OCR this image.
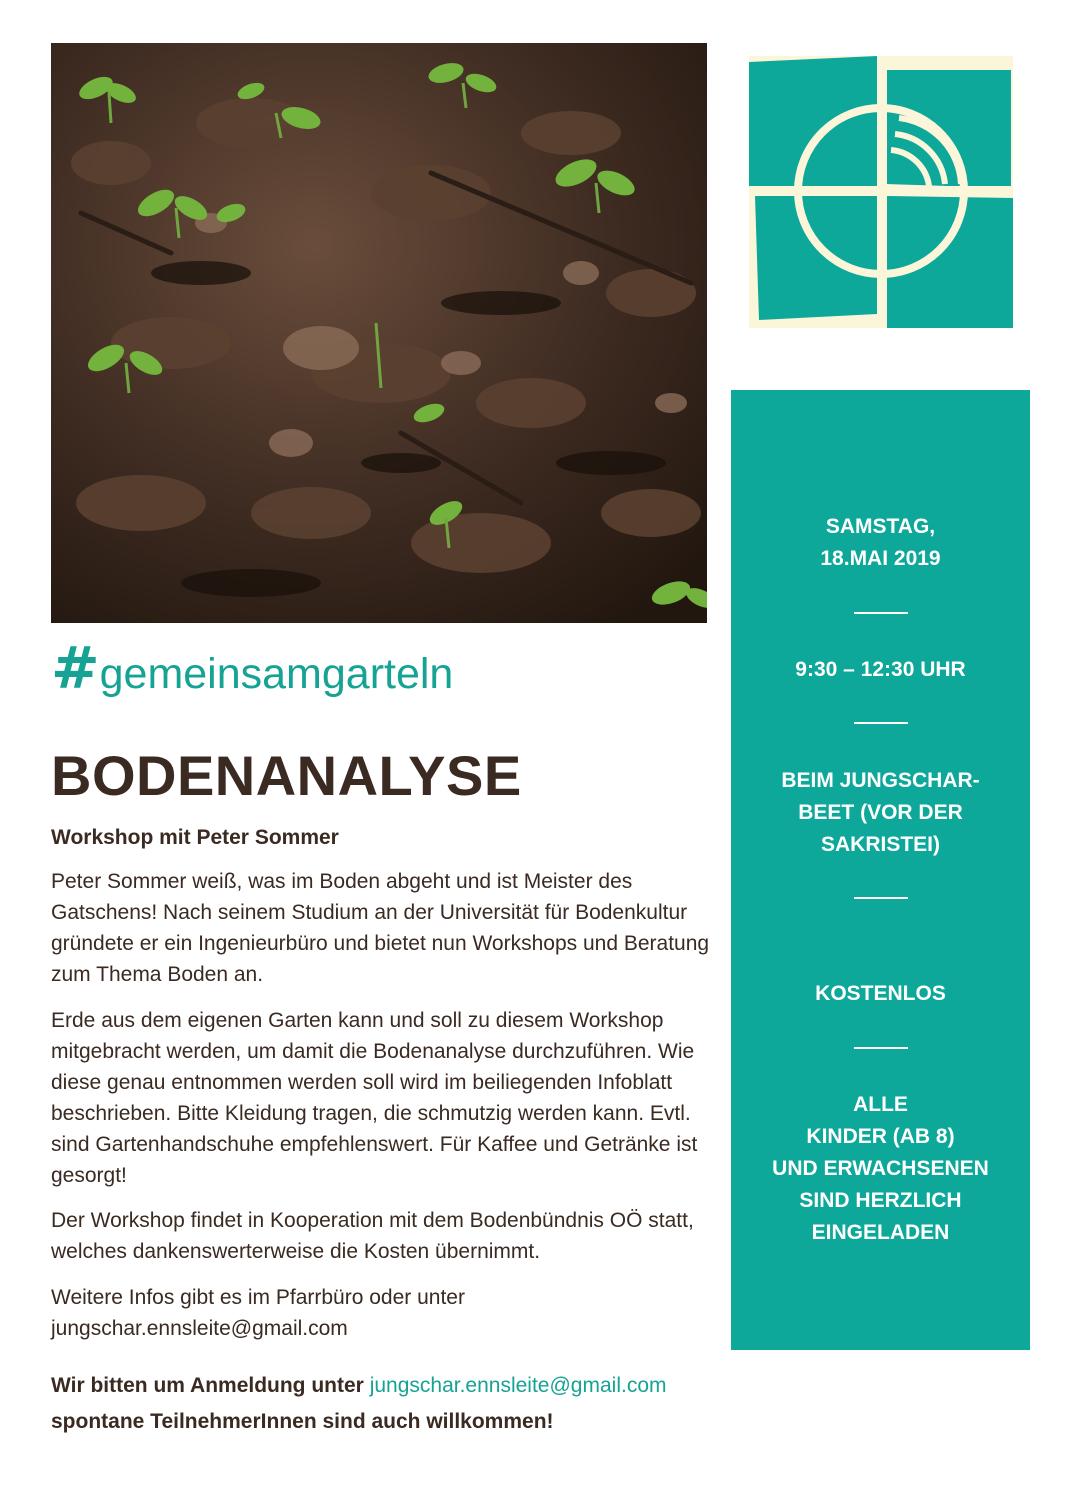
#gemeinsamgarteln
BODENANALYSE
Workshop mit Peter Sommer
Peter Sommer weiß, was im Boden abgeht und ist Meister des Gatschens! Nach seinem Studium an der Universität für Bodenkultur gründete er ein Ingenieurbüro und bietet nun Workshops und Beratung zum Thema Boden an.
Erde aus dem eigenen Garten kann und soll zu diesem Workshop mitgebracht werden, um damit die Bodenanalyse durchzuführen. Wie diese genau entnommen werden soll wird im beiliegenden Infoblatt beschrieben. Bitte Kleidung tragen, die schmutzig werden kann. Evtl. sind Gartenhandschuhe empfehlenswert. Für Kaffee und Getränke ist gesorgt!
Der Workshop findet in Kooperation mit dem Bodenbündnis OÖ statt, welches dankenswerterweise die Kosten übernimmt.
Weitere Infos gibt es im Pfarrbüro oder unter jungschar.ennsleite@gmail.com
Wir bitten um Anmeldung unter jungschar.ennsleite@gmail.com
spontane TeilnehmerInnen sind auch willkommen!
SAMSTAG,
18.MAI 2019
9:30 – 12:30 UHR
BEIM JUNGSCHAR-
BEET (VOR DER
SAKRISTEI)
KOSTENLOS
ALLE
KINDER (AB 8)
UND ERWACHSENEN
SIND HERZLICH
EINGELADEN
